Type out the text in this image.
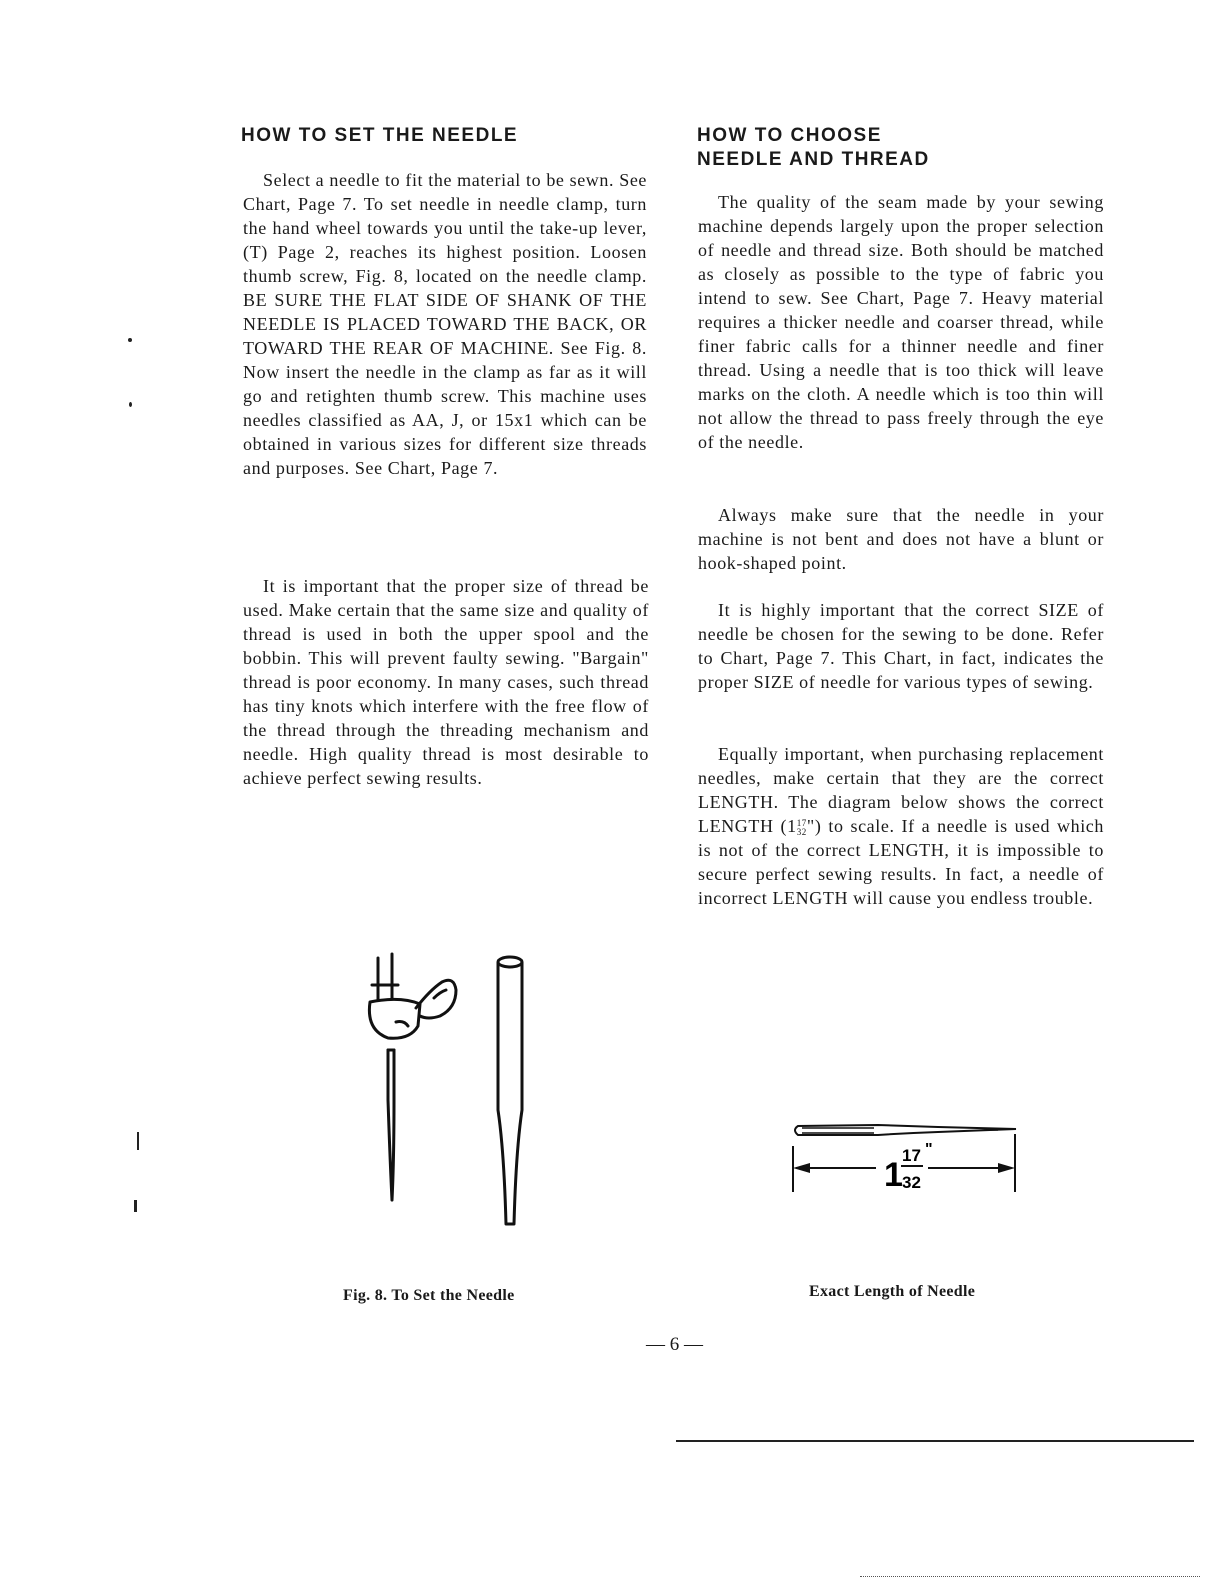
HOW TO SET THE NEEDLE

Select a needle to fit the material to be sewn. See Chart, Page 7. To set needle in needle clamp, turn the hand wheel towards you until the take-up lever, (T) Page 2, reaches its highest position. Loosen thumb screw, Fig. 8, located on the needle clamp. BE SURE THE FLAT SIDE OF SHANK OF THE NEEDLE IS PLACED TOWARD THE BACK, OR TOWARD THE REAR OF MACHINE. See Fig. 8. Now insert the needle in the clamp as far as it will go and retighten thumb screw. This machine uses needles classified as AA, J, or 15x1 which can be obtained in various sizes for different size threads and purposes. See Chart, Page 7.

It is important that the proper size of thread be used. Make certain that the same size and quality of thread is used in both the upper spool and the bobbin. This will prevent faulty sewing. "Bargain" thread is poor economy. In many cases, such thread has tiny knots which interfere with the free flow of the thread through the threading mechanism and needle. High quality thread is most desirable to achieve perfect sewing results.

Fig. 8. To Set the Needle

HOW TO CHOOSE
NEEDLE AND THREAD

The quality of the seam made by your sewing machine depends largely upon the proper selection of needle and thread size. Both should be matched as closely as possible to the type of fabric you intend to sew. See Chart, Page 7. Heavy material requires a thicker needle and coarser thread, while finer fabric calls for a thinner needle and finer thread. Using a needle that is too thick will leave marks on the cloth. A needle which is too thin will not allow the thread to pass freely through the eye of the needle.

Always make sure that the needle in your machine is not bent and does not have a blunt or hook-shaped point.

It is highly important that the correct SIZE of needle be chosen for the sewing to be done. Refer to Chart, Page 7. This Chart, in fact, indicates the proper SIZE of needle for various types of sewing.

Equally important, when purchasing replacement needles, make certain that they are the correct LENGTH. The diagram below shows the correct LENGTH (1 17
32 ") to scale. If a needle is used which is not of the correct LENGTH, it is impossible to secure perfect sewing results. In fact, a needle of incorrect LENGTH will cause you endless trouble.

1
17
32
"

Exact Length of Needle

— 6 —
